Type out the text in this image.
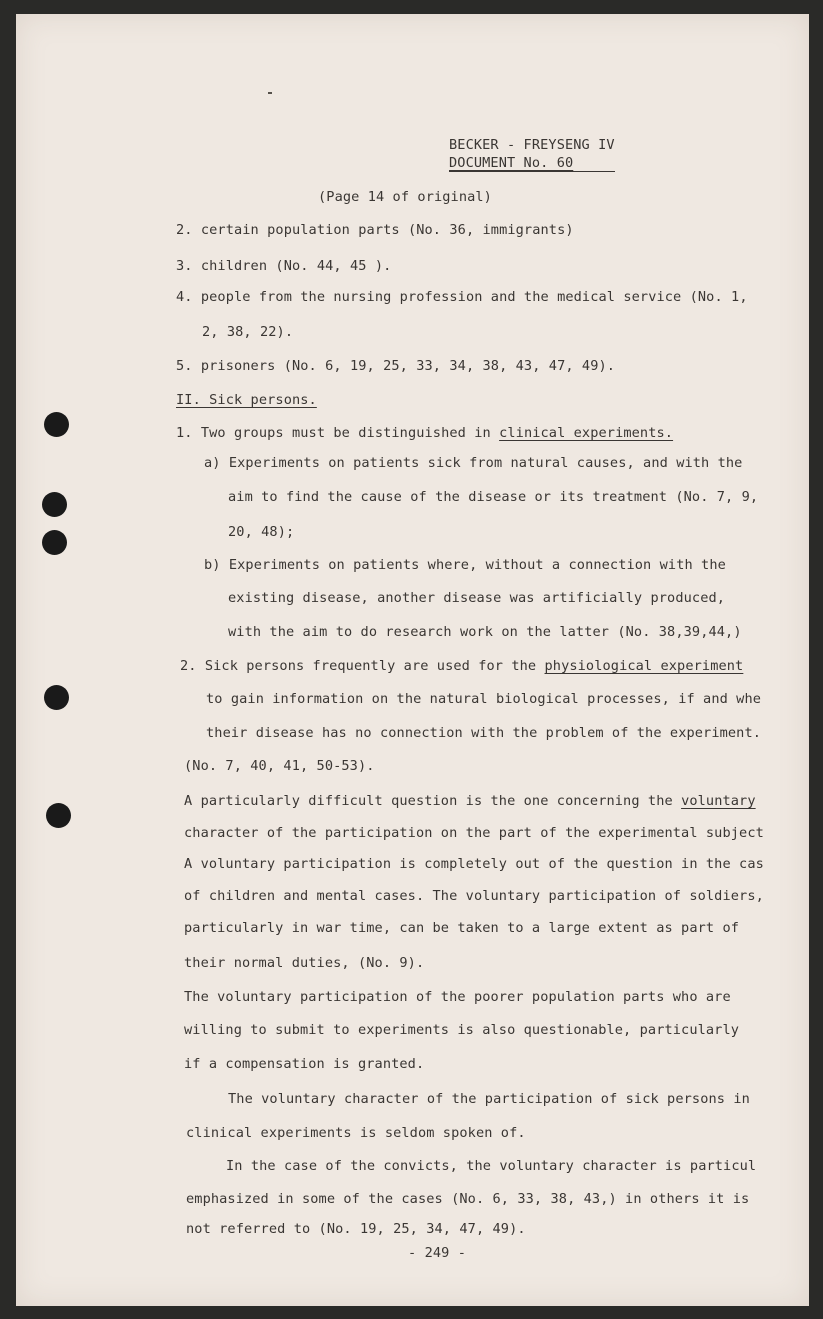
BECKER - FREYSENG IV
DOCUMENT No. 60
(Page 14 of original)
2. certain population parts (No. 36, immigrants)
3. children (No. 44, 45 ).
4. people from the nursing profession and the medical service (No. 1,
2, 38, 22).
5. prisoners (No. 6, 19, 25, 33, 34, 38, 43, 47, 49).
II. Sick persons.
1. Two groups must be distinguished in clinical experiments.
a) Experiments on patients sick from natural causes, and with the
aim to find the cause of the disease or its treatment (No. 7, 9,
20, 48);
b) Experiments on patients where, without a connection with the
existing disease, another disease was artificially produced,
with the aim to do research work on the latter (No. 38,39,44,)
2. Sick persons frequently are used for the physiological experiment
to gain information on the natural biological processes, if and whe
their disease has no connection with the problem of the experiment.
(No. 7, 40, 41, 50-53).
A particularly difficult question is the one concerning the voluntary
character of the participation on the part of the experimental subject
A voluntary participation is completely out of the question in the cas
of children and mental cases. The voluntary participation of soldiers,
particularly in war time, can be taken to a large extent as part of
their normal duties, (No. 9).
The voluntary participation of the poorer population parts who are
willing to submit to experiments is also questionable, particularly
if a compensation is granted.
The voluntary character of the participation of sick persons in
clinical experiments is seldom spoken of.
In the case of the convicts, the voluntary character is particul
emphasized in some of the cases (No. 6, 33, 38, 43,) in others it is
not referred to (No. 19, 25, 34, 47, 49).
- 249 -
